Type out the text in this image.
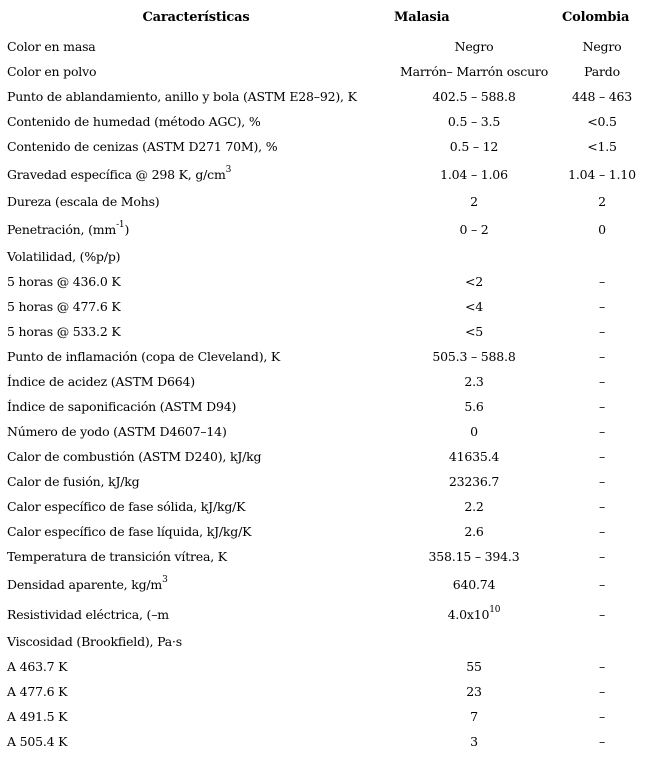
Características	Malasia	Colombia
Color en masa	Negro	Negro
Color en polvo	Marrón– Marrón oscuro	Pardo
Punto de ablandamiento, anillo y bola (ASTM E28–92), K	402.5 – 588.8	448 – 463
Contenido de humedad (método AGC), %	0.5 – 3.5	<0.5
Contenido de cenizas (ASTM D271 70M), %	0.5 – 12	<1.5
Gravedad específica @ 298 K, $g/cm^3$	1.04 – 1.06	1.04 – 1.10
Dureza (escala de Mohs)	2	2
Penetración, $(mm^{-1})$	0 – 2	0
Volatilidad, (%p/p)		
5 horas @ 436.0 K	<2	–
5 horas @ 477.6 K	<4	–
5 horas @ 533.2 K	<5	–
Punto de inflamación (copa de Cleveland), K	505.3 – 588.8	–
Índice de acidez (ASTM D664)	2.3	–
Índice de saponificación (ASTM D94)	5.6	–
Número de yodo (ASTM D4607–14)	0	–
Calor de combustión (ASTM D240), kJ/kg	41635.4	–
Calor de fusión, kJ/kg	23236.7	–
Calor específico de fase sólida, kJ/kg/K	2.2	–
Calor específico de fase líquida, kJ/kg/K	2.6	–
Temperatura de transición vítrea, K	358.15 – 394.3	–
Densidad aparente, $kg/m^3$	640.74	–
Resistividad eléctrica, (–m	$4.0x10^{10}$	–
Viscosidad (Brookfield), Pa·s		
A 463.7 K	55	–
A 477.6 K	23	–
A 491.5 K	7	–
A 505.4 K	3	–
